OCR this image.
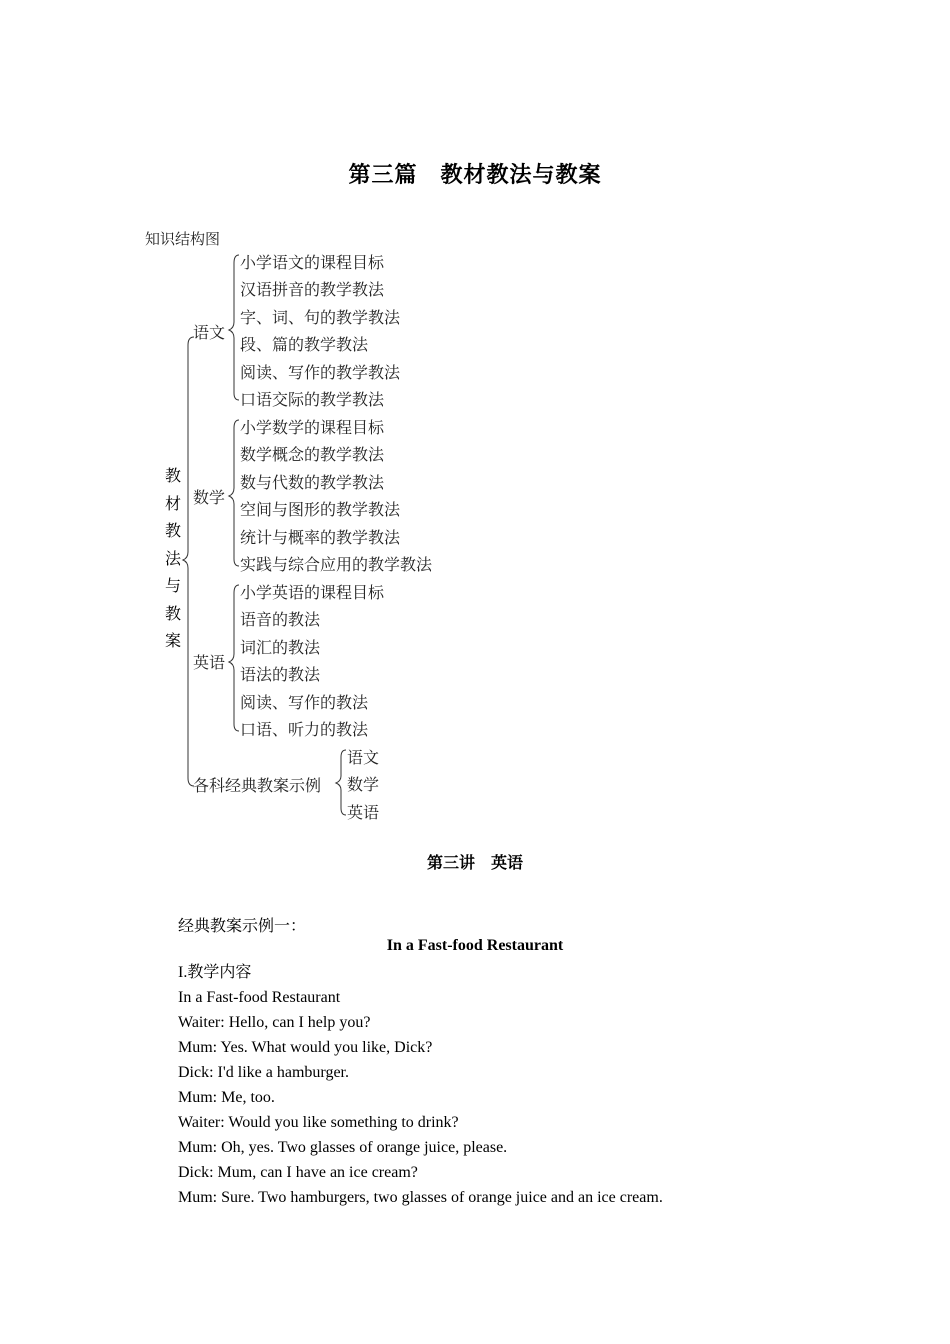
第三篇　教材教法与教案
知识结构图
教
材
教
法
与
教
案
语文
小学语文的课程目标
汉语拼音的教学教法
字、词、句的教学教法
段、篇的教学教法
阅读、写作的教学教法
口语交际的教学教法
数学
小学数学的课程目标
数学概念的教学教法
数与代数的教学教法
空间与图形的教学教法
统计与概率的教学教法
实践与综合应用的教学教法
英语
小学英语的课程目标
语音的教法
词汇的教法
语法的教法
阅读、写作的教法
口语、听力的教法
各科经典教案示例
语文
数学
英语
第三讲　英语
经典教案示例一：
In a Fast-food Restaurant
I.教学内容
In a Fast-food Restaurant
Waiter: Hello, can I help you?
Mum: Yes. What would you like, Dick?
Dick: I'd like a hamburger.
Mum: Me, too.
Waiter: Would you like something to drink?
Mum: Oh, yes. Two glasses of orange juice, please.
Dick: Mum, can I have an ice cream?
Mum: Sure. Two hamburgers, two glasses of orange juice and an ice cream.
